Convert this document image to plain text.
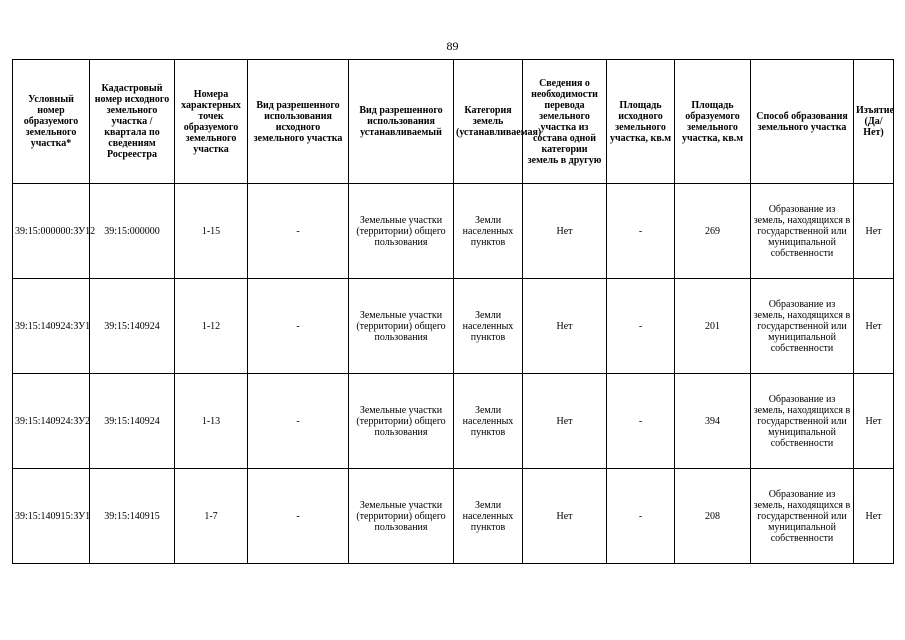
89
Условный номер образуемого земельного участка*	Кадастровый номер исходного земельного участка / квартала по сведениям Росреестра	Номера характерных точек образуемого земельного участка	Вид разрешенного использования исходного земельного участка	Вид разрешенного использования устанавливаемый	Категория земель (устанавливаемая)	Сведения о необходимости перевода земельного участка из состава одной категории земель в другую	Площадь исходного земельного участка, кв.м	Площадь образуемого земельного участка, кв.м	Способ образования земельного участка	Изъятие (Да/Нет)
39:15:000000:ЗУ12	39:15:000000	1-15	-	Земельные участки (территории) общего пользования	Земли населенных пунктов	Нет	-	269	Образование из земель, находящихся в государственной или муниципальной собственности	Нет
39:15:140924:ЗУ1	39:15:140924	1-12	-	Земельные участки (территории) общего пользования	Земли населенных пунктов	Нет	-	201	Образование из земель, находящихся в государственной или муниципальной собственности	Нет
39:15:140924:ЗУ2	39:15:140924	1-13	-	Земельные участки (территории) общего пользования	Земли населенных пунктов	Нет	-	394	Образование из земель, находящихся в государственной или муниципальной собственности	Нет
39:15:140915:ЗУ1	39:15:140915	1-7	-	Земельные участки (территории) общего пользования	Земли населенных пунктов	Нет	-	208	Образование из земель, находящихся в государственной или муниципальной собственности	Нет
